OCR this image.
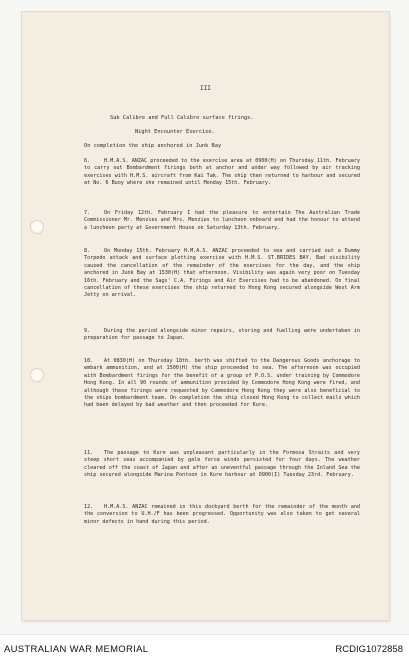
III
Sub Calibre and Full Calibre surface firings.
Night Encounter Exercise.
On completion the ship anchored in Junk Bay
6.	H.M.A.S. ANZAC proceeded to the exercise area at 0900(H) on Thursday 11th. February to carry out Bombardment firings both at anchor and under way followed by air tracking exercises with H.M.S. aircraft from Kai Tak. The ship then returned to harbour and secured at No. 6 Buoy where she remained until Monday 15th. February.
7.	On Friday 12th. February I had the pleasure to entertain The Australian Trade Commissioner Mr. Menzies and Mrs. Menzies to luncheon onboard and had the honour to attend a luncheon party at Government House on Saturday 13th. February.
8.	On Monday 15th. February H.M.A.S. ANZAC proceeded to sea and carried out a Dummy Torpedo attack and surface plotting exercise with H.M.S. ST.BRIDES BAY. Bad visibility caused the cancellation of the remainder of the exercises for the day, and the ship anchored in Junk Bay at 1530(H) that afternoon. Visibility was again very poor on Tuesday 16th. February and the Sags' C.A. Firings and Air Exercises had to be abandoned. On final cancellation of these exercises the ship returned to Hong Kong secured alongside West Arm Jetty on arrival.
9.	During the period alongside minor repairs, storing and fuelling were undertaken in preparation for passage to Japan.
10.	At 0830(H) on Thursday 18th. berth was shifted to the Dangerous Goods anchorage to embark ammunition, and at 1500(H) the ship proceeded to sea. The afternoon was occupied with Bombardment firings for the benefit of a group of P.O.S. under training by Commodore Hong Kong. In all 90 rounds of ammunition provided by Commodore Hong Kong were fired, and although these firings were requested by Commodore Hong Kong they were also beneficial to the ships bombardment team. On completion the ship closed Hong Kong to collect mails which had been delayed by bad weather and then proceeded for Kure.
11.	The passage to Kure was unpleasant particularly in the Formosa Straits and very steep short seas accompanied by gale force winds persisted for four days. The weather cleared off the coast of Japan and after an uneventful passage through the Inland Sea the ship secured alongside Marina Pontoon in Kure harbour at 0900(I) Tuesday 23rd. February.
12.	H.M.A.S. ANZAC remained in this dockyard berth for the remainder of the month and the conversion to U.H./F has been progressed. Opportunity was also taken to get several minor defects in hand during this period.
AUSTRALIAN WAR MEMORIAL	RCDIG1072858
